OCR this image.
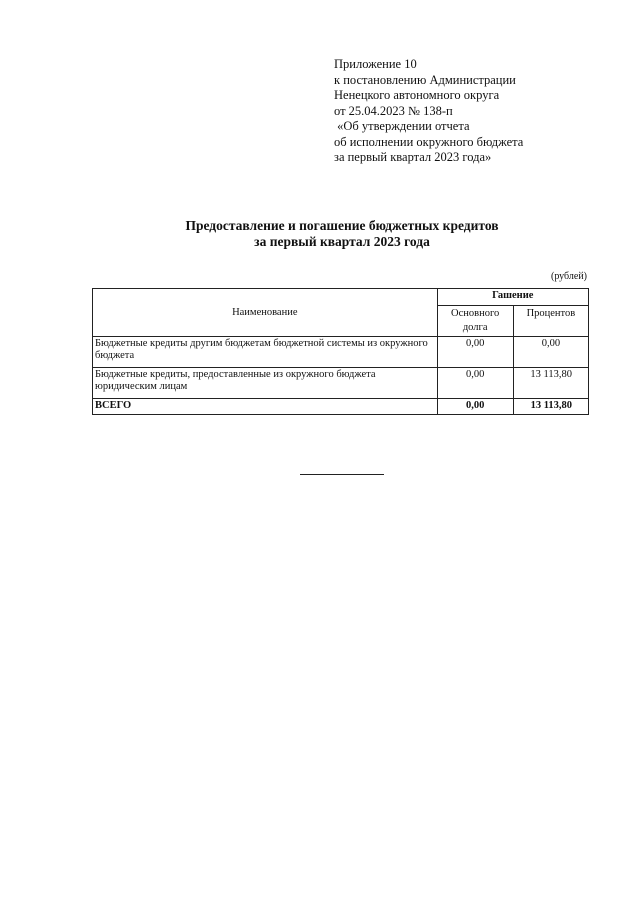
Приложение 10
к постановлению Администрации
Ненецкого автономного округа
от 25.04.2023 № 138-п
«Об утверждении отчета
об исполнении окружного бюджета
за первый квартал 2023 года»
Предоставление и погашение бюджетных кредитов
за первый квартал 2023 года
(рублей)
Наименование	Гашение	
	Основного долга	Процентов
Бюджетные кредиты другим бюджетам бюджетной системы из окружного бюджета	0,00	0,00
Бюджетные кредиты, предоставленные из окружного бюджета юридическим лицам	0,00	13 113,80
ВСЕГО	0,00	13 113,80
